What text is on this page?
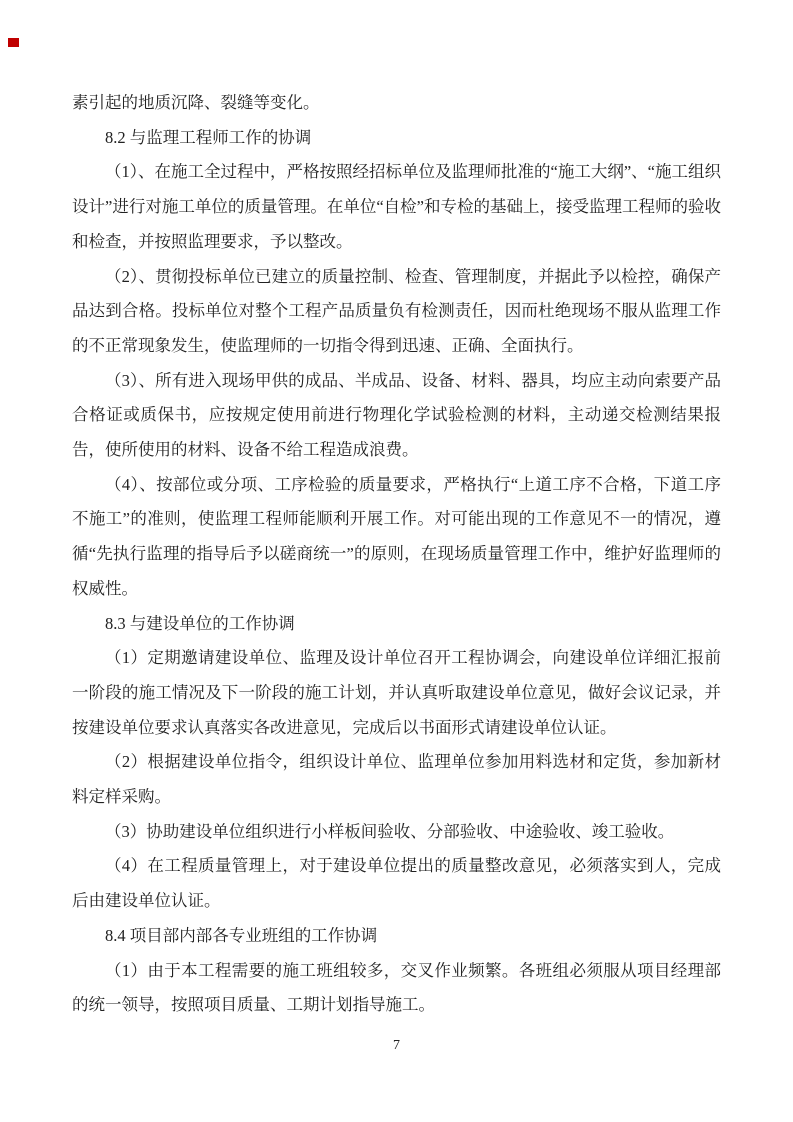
素引起的地质沉降、裂缝等变化。

8.2 与监理工程师工作的协调

（1）、在施工全过程中，严格按照经招标单位及监理师批准的“施工大纲”、“施工组织设计”进行对施工单位的质量管理。在单位“自检”和专检的基础上，接受监理工程师的验收和检查，并按照监理要求，予以整改。

（2）、贯彻投标单位已建立的质量控制、检查、管理制度，并据此予以检控，确保产品达到合格。投标单位对整个工程产品质量负有检测责任，因而杜绝现场不服从监理工作的不正常现象发生，使监理师的一切指令得到迅速、正确、全面执行。

（3）、所有进入现场甲供的成品、半成品、设备、材料、器具，均应主动向索要产品合格证或质保书，应按规定使用前进行物理化学试验检测的材料，主动递交检测结果报告，使所使用的材料、设备不给工程造成浪费。

（4）、按部位或分项、工序检验的质量要求，严格执行“上道工序不合格，下道工序不施工”的准则，使监理工程师能顺利开展工作。对可能出现的工作意见不一的情况，遵循“先执行监理的指导后予以磋商统一”的原则，在现场质量管理工作中，维护好监理师的权威性。

8.3 与建设单位的工作协调

（1）定期邀请建设单位、监理及设计单位召开工程协调会，向建设单位详细汇报前一阶段的施工情况及下一阶段的施工计划，并认真听取建设单位意见，做好会议记录，并按建设单位要求认真落实各改进意见，完成后以书面形式请建设单位认证。

（2）根据建设单位指令，组织设计单位、监理单位参加用料选材和定货，参加新材料定样采购。

（3）协助建设单位组织进行小样板间验收、分部验收、中途验收、竣工验收。

（4）在工程质量管理上，对于建设单位提出的质量整改意见，必须落实到人，完成后由建设单位认证。

8.4 项目部内部各专业班组的工作协调

（1）由于本工程需要的施工班组较多，交叉作业频繁。各班组必须服从项目经理部的统一领导，按照项目质量、工期计划指导施工。

7
